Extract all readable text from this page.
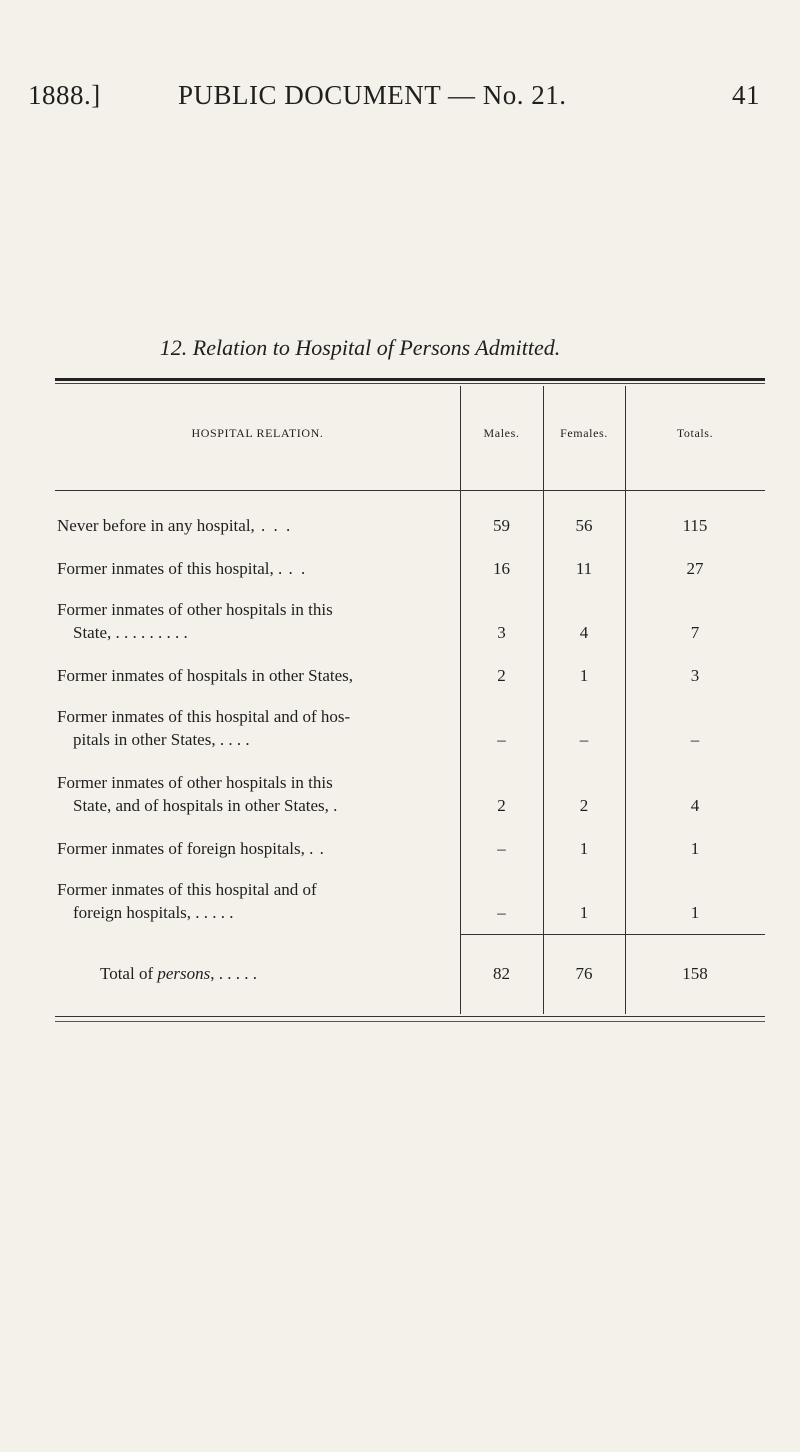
1888.]	PUBLIC DOCUMENT — No. 21.	41
12. Relation to Hospital of Persons Admitted.
HOSPITAL RELATION.	Males.	Females.	Totals.
Never before in any hospital, . . .	59	56	115
Former inmates of this hospital, . . .	16	11	27
Former inmates of other hospitals in this
State, . . . . . . . . .	3	4	7
Former inmates of hospitals in other States,	2	1	3
Former inmates of this hospital and of hos-
pitals in other States, . . . .	–	–	–
Former inmates of other hospitals in this
State, and of hospitals in other States, .	2	2	4
Former inmates of foreign hospitals, . .	–	1	1
Former inmates of this hospital and of
foreign hospitals, . . . . .	–	1	1
Total of persons, . . . . .	82	76	158
